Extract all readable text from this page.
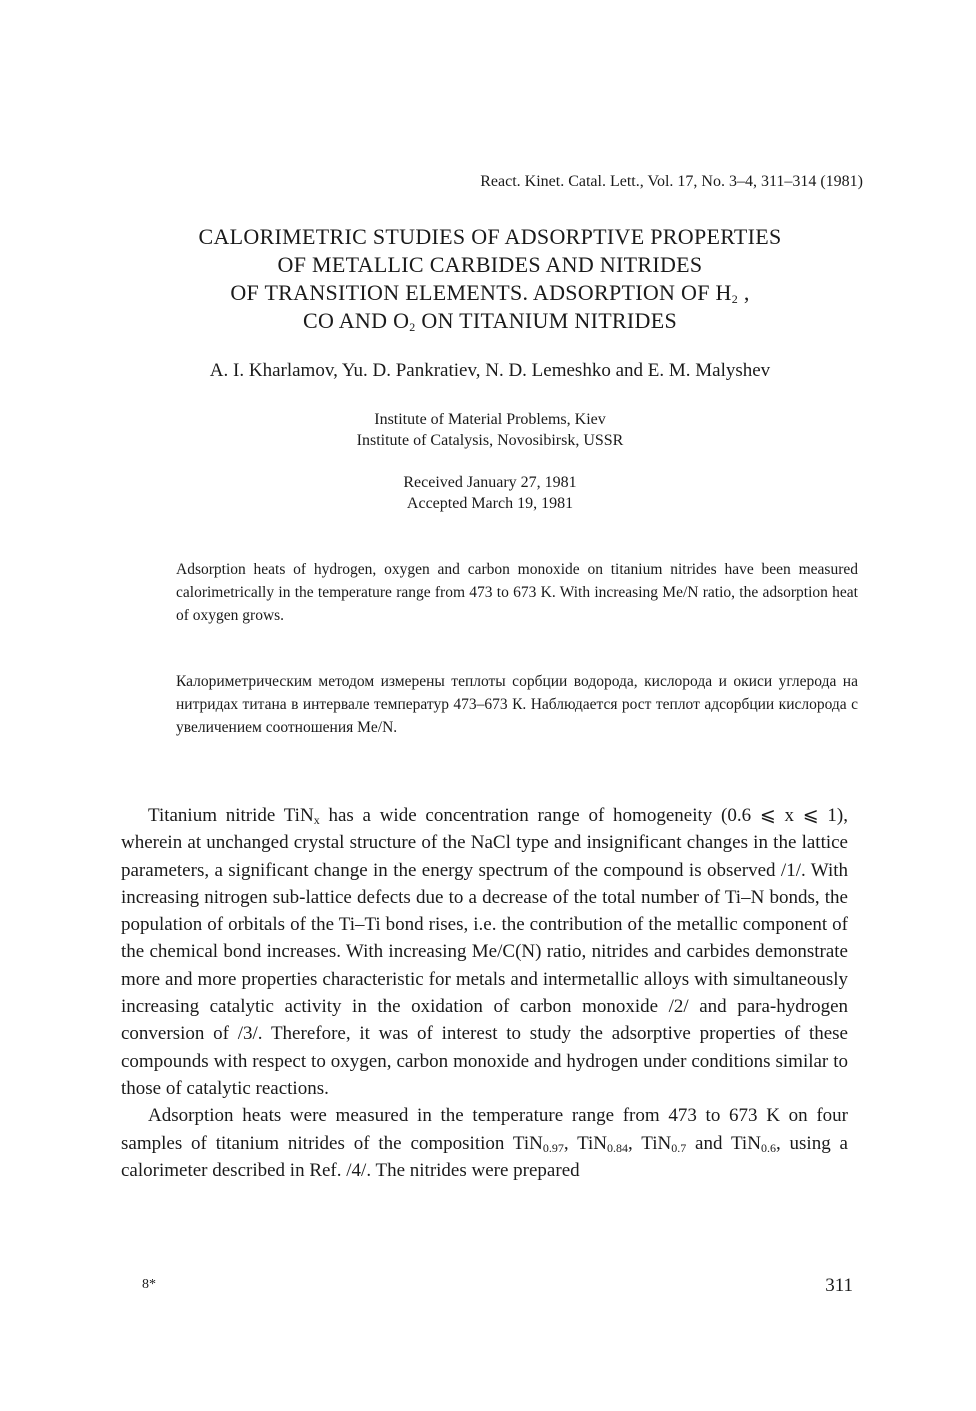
React. Kinet. Catal. Lett., Vol. 17, No. 3–4, 311–314 (1981)
CALORIMETRIC STUDIES OF ADSORPTIVE PROPERTIES
OF METALLIC CARBIDES AND NITRIDES
OF TRANSITION ELEMENTS. ADSORPTION OF $H_2$ ,
CO AND $O_2$ ON TITANIUM NITRIDES
A. I. Kharlamov, Yu. D. Pankratiev, N. D. Lemeshko and E. M. Malyshev
Institute of Material Problems, Kiev
Institute of Catalysis, Novosibirsk, USSR
Received January 27, 1981
Accepted March 19, 1981
Adsorption heats of hydrogen, oxygen and carbon monoxide on titanium nitrides have been measured calorimetrically in the temperature range from 473 to 673 K. With increasing Me/N ratio, the adsorption heat of oxygen grows.
Калориметрическим методом измерены теплоты сорбции водорода, кислорода и окиси углерода на нитридах титана в интервале температур 473–673 К. Наблюдается рост теплот адсорбции кислорода с увеличением соотношения Me/N.

Titanium nitride TiN$_x$ has a wide concentration range of homogeneity (0.6 ⩽ x ⩽ 1), wherein at unchanged crystal structure of the NaCl type and insignificant changes in the lattice parameters, a significant change in the energy spectrum of the compound is observed /1/. With increasing nitrogen sub-lattice defects due to a decrease of the total number of Ti–N bonds, the population of orbitals of the Ti–Ti bond rises, i.e. the contribution of the metallic component of the chemical bond increases. With increasing Me/C(N) ratio, nitrides and carbides demonstrate more and more properties characteristic for metals and intermetallic alloys with simultaneously increasing catalytic activity in the oxidation of carbon monoxide /2/ and para-hydrogen conversion of /3/. Therefore, it was of interest to study the adsorptive properties of these compounds with respect to oxygen, carbon monoxide and hydrogen under conditions similar to those of catalytic reactions.

Adsorption heats were measured in the temperature range from 473 to 673 K on four samples of titanium nitrides of the composition TiN$_{0.97}$, TiN$_{0.84}$, TiN$_{0.7}$ and TiN$_{0.6}$, using a calorimeter described in Ref. /4/. The nitrides were prepared

8*	311
